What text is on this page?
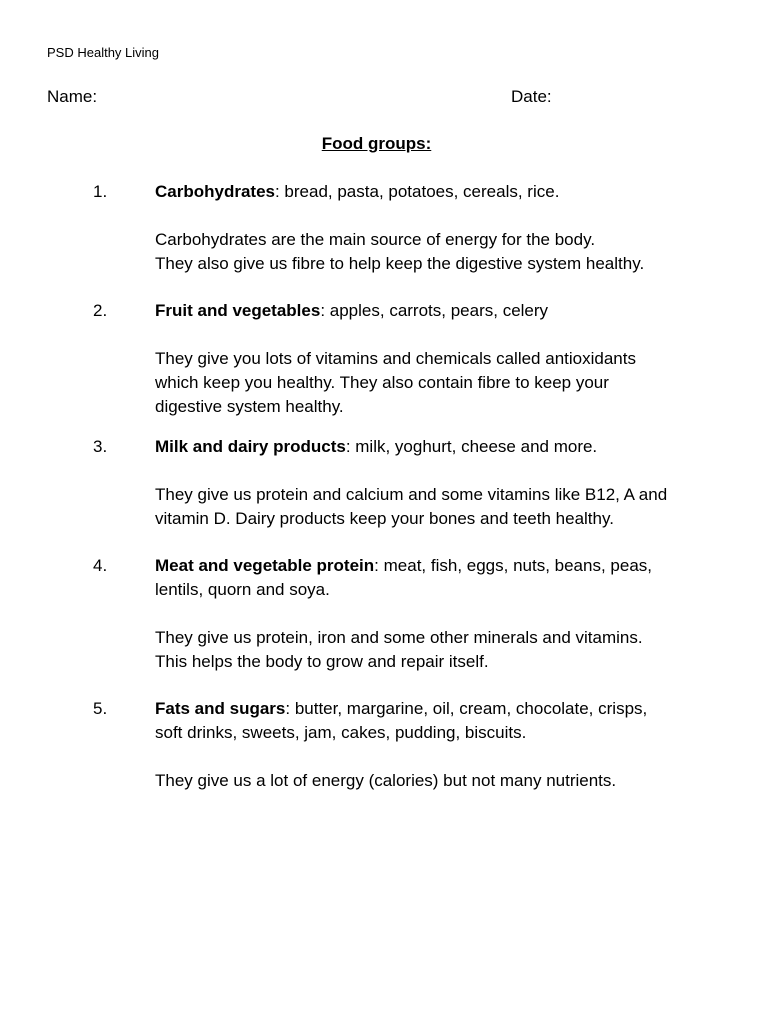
PSD Healthy Living
Name:	Date:
Food groups:
1.	Carbohydrates: bread, pasta, potatoes, cereals, rice.

Carbohydrates are the main source of energy for the body.

They also give us fibre to help keep the digestive system healthy.

2.	Fruit and vegetables: apples, carrots, pears, celery

They give you lots of vitamins and chemicals called antioxidants

which keep you healthy. They also contain fibre to keep your

digestive system healthy.

3.	Milk and dairy products: milk, yoghurt, cheese and more.

They give us protein and calcium and some vitamins like B12, A and

vitamin D. Dairy products keep your bones and teeth healthy.

4.	Meat and vegetable protein: meat, fish, eggs, nuts, beans, peas,

lentils, quorn and soya.

They give us protein, iron and some other minerals and vitamins.

This helps the body to grow and repair itself.

5.	Fats and sugars: butter, margarine, oil, cream, chocolate, crisps,

soft drinks, sweets, jam, cakes, pudding, biscuits.

They give us a lot of energy (calories) but not many nutrients.
